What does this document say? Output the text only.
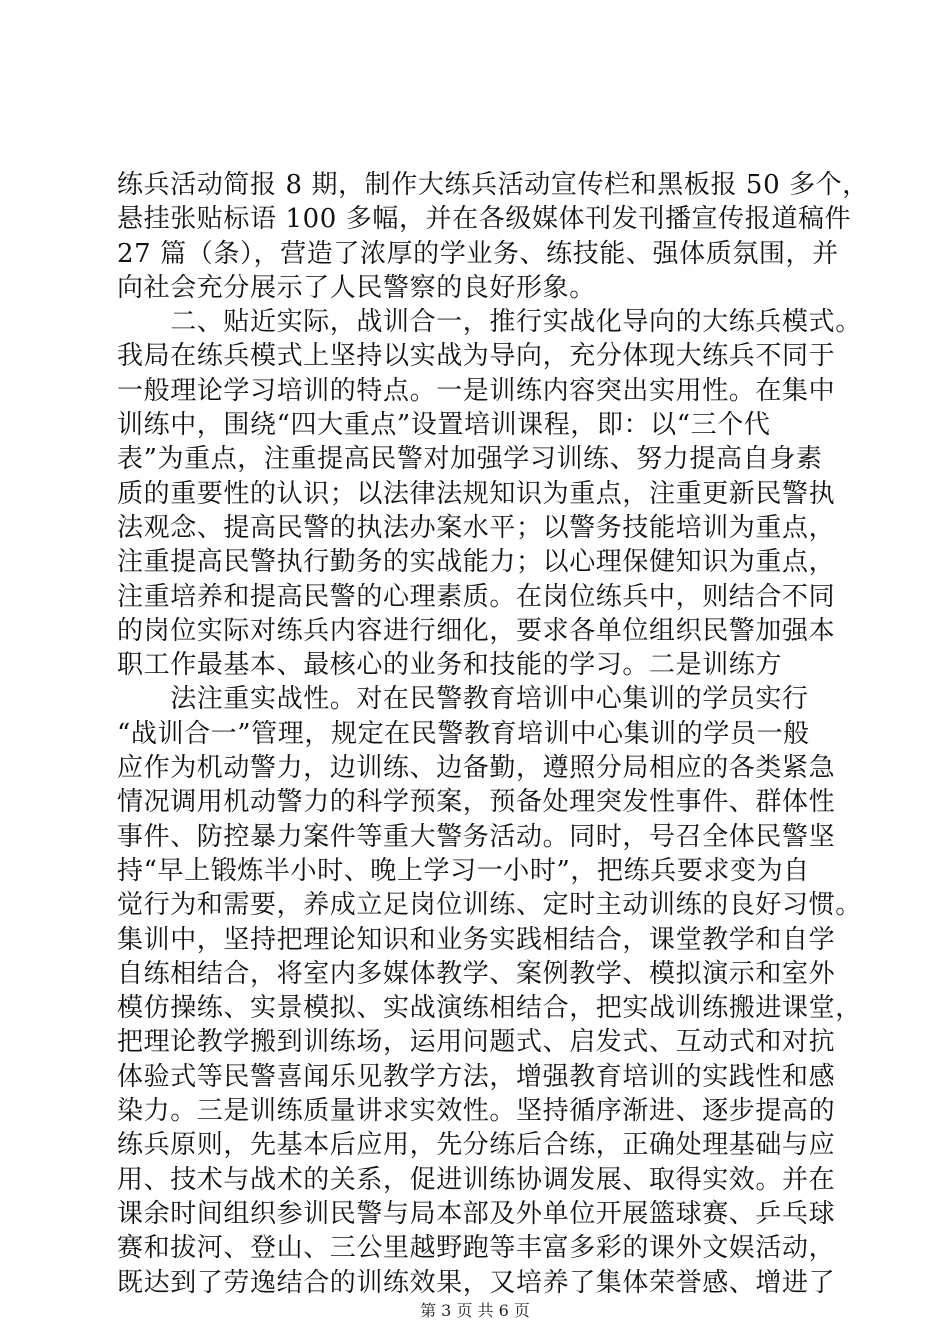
练兵活动简报 8 期，制作大练兵活动宣传栏和黑板报 50 多个，
悬挂张贴标语 100 多幅，并在各级媒体刊发刊播宣传报道稿件
27 篇（条），营造了浓厚的学业务、练技能、强体质氛围，并
向社会充分展示了人民警察的良好形象。
　　二、贴近实际，战训合一，推行实战化导向的大练兵模式。
我局在练兵模式上坚持以实战为导向，充分体现大练兵不同于
一般理论学习培训的特点。一是训练内容突出实用性。在集中
训练中，围绕“四大重点”设置培训课程，即：以“三个代
表”为重点，注重提高民警对加强学习训练、努力提高自身素
质的重要性的认识；以法律法规知识为重点，注重更新民警执
法观念、提高民警的执法办案水平；以警务技能培训为重点，
注重提高民警执行勤务的实战能力；以心理保健知识为重点，
注重培养和提高民警的心理素质。在岗位练兵中，则结合不同
的岗位实际对练兵内容进行细化，要求各单位组织民警加强本
职工作最基本、最核心的业务和技能的学习。二是训练方
　　法注重实战性。对在民警教育培训中心集训的学员实行
“战训合一”管理，规定在民警教育培训中心集训的学员一般
应作为机动警力，边训练、边备勤，遵照分局相应的各类紧急
情况调用机动警力的科学预案，预备处理突发性事件、群体性
事件、防控暴力案件等重大警务活动。同时，号召全体民警坚
持“早上锻炼半小时、晚上学习一小时”，把练兵要求变为自
觉行为和需要，养成立足岗位训练、定时主动训练的良好习惯。
集训中，坚持把理论知识和业务实践相结合，课堂教学和自学
自练相结合，将室内多媒体教学、案例教学、模拟演示和室外
模仿操练、实景模拟、实战演练相结合，把实战训练搬进课堂，
把理论教学搬到训练场，运用问题式、启发式、互动式和对抗
体验式等民警喜闻乐见教学方法，增强教育培训的实践性和感
染力。三是训练质量讲求实效性。坚持循序渐进、逐步提高的
练兵原则，先基本后应用，先分练后合练，正确处理基础与应
用、技术与战术的关系，促进训练协调发展、取得实效。并在
课余时间组织参训民警与局本部及外单位开展篮球赛、乒乓球
赛和拔河、登山、三公里越野跑等丰富多彩的课外文娱活动，
既达到了劳逸结合的训练效果，又培养了集体荣誉感、增进了
第 3 页 共 6 页
